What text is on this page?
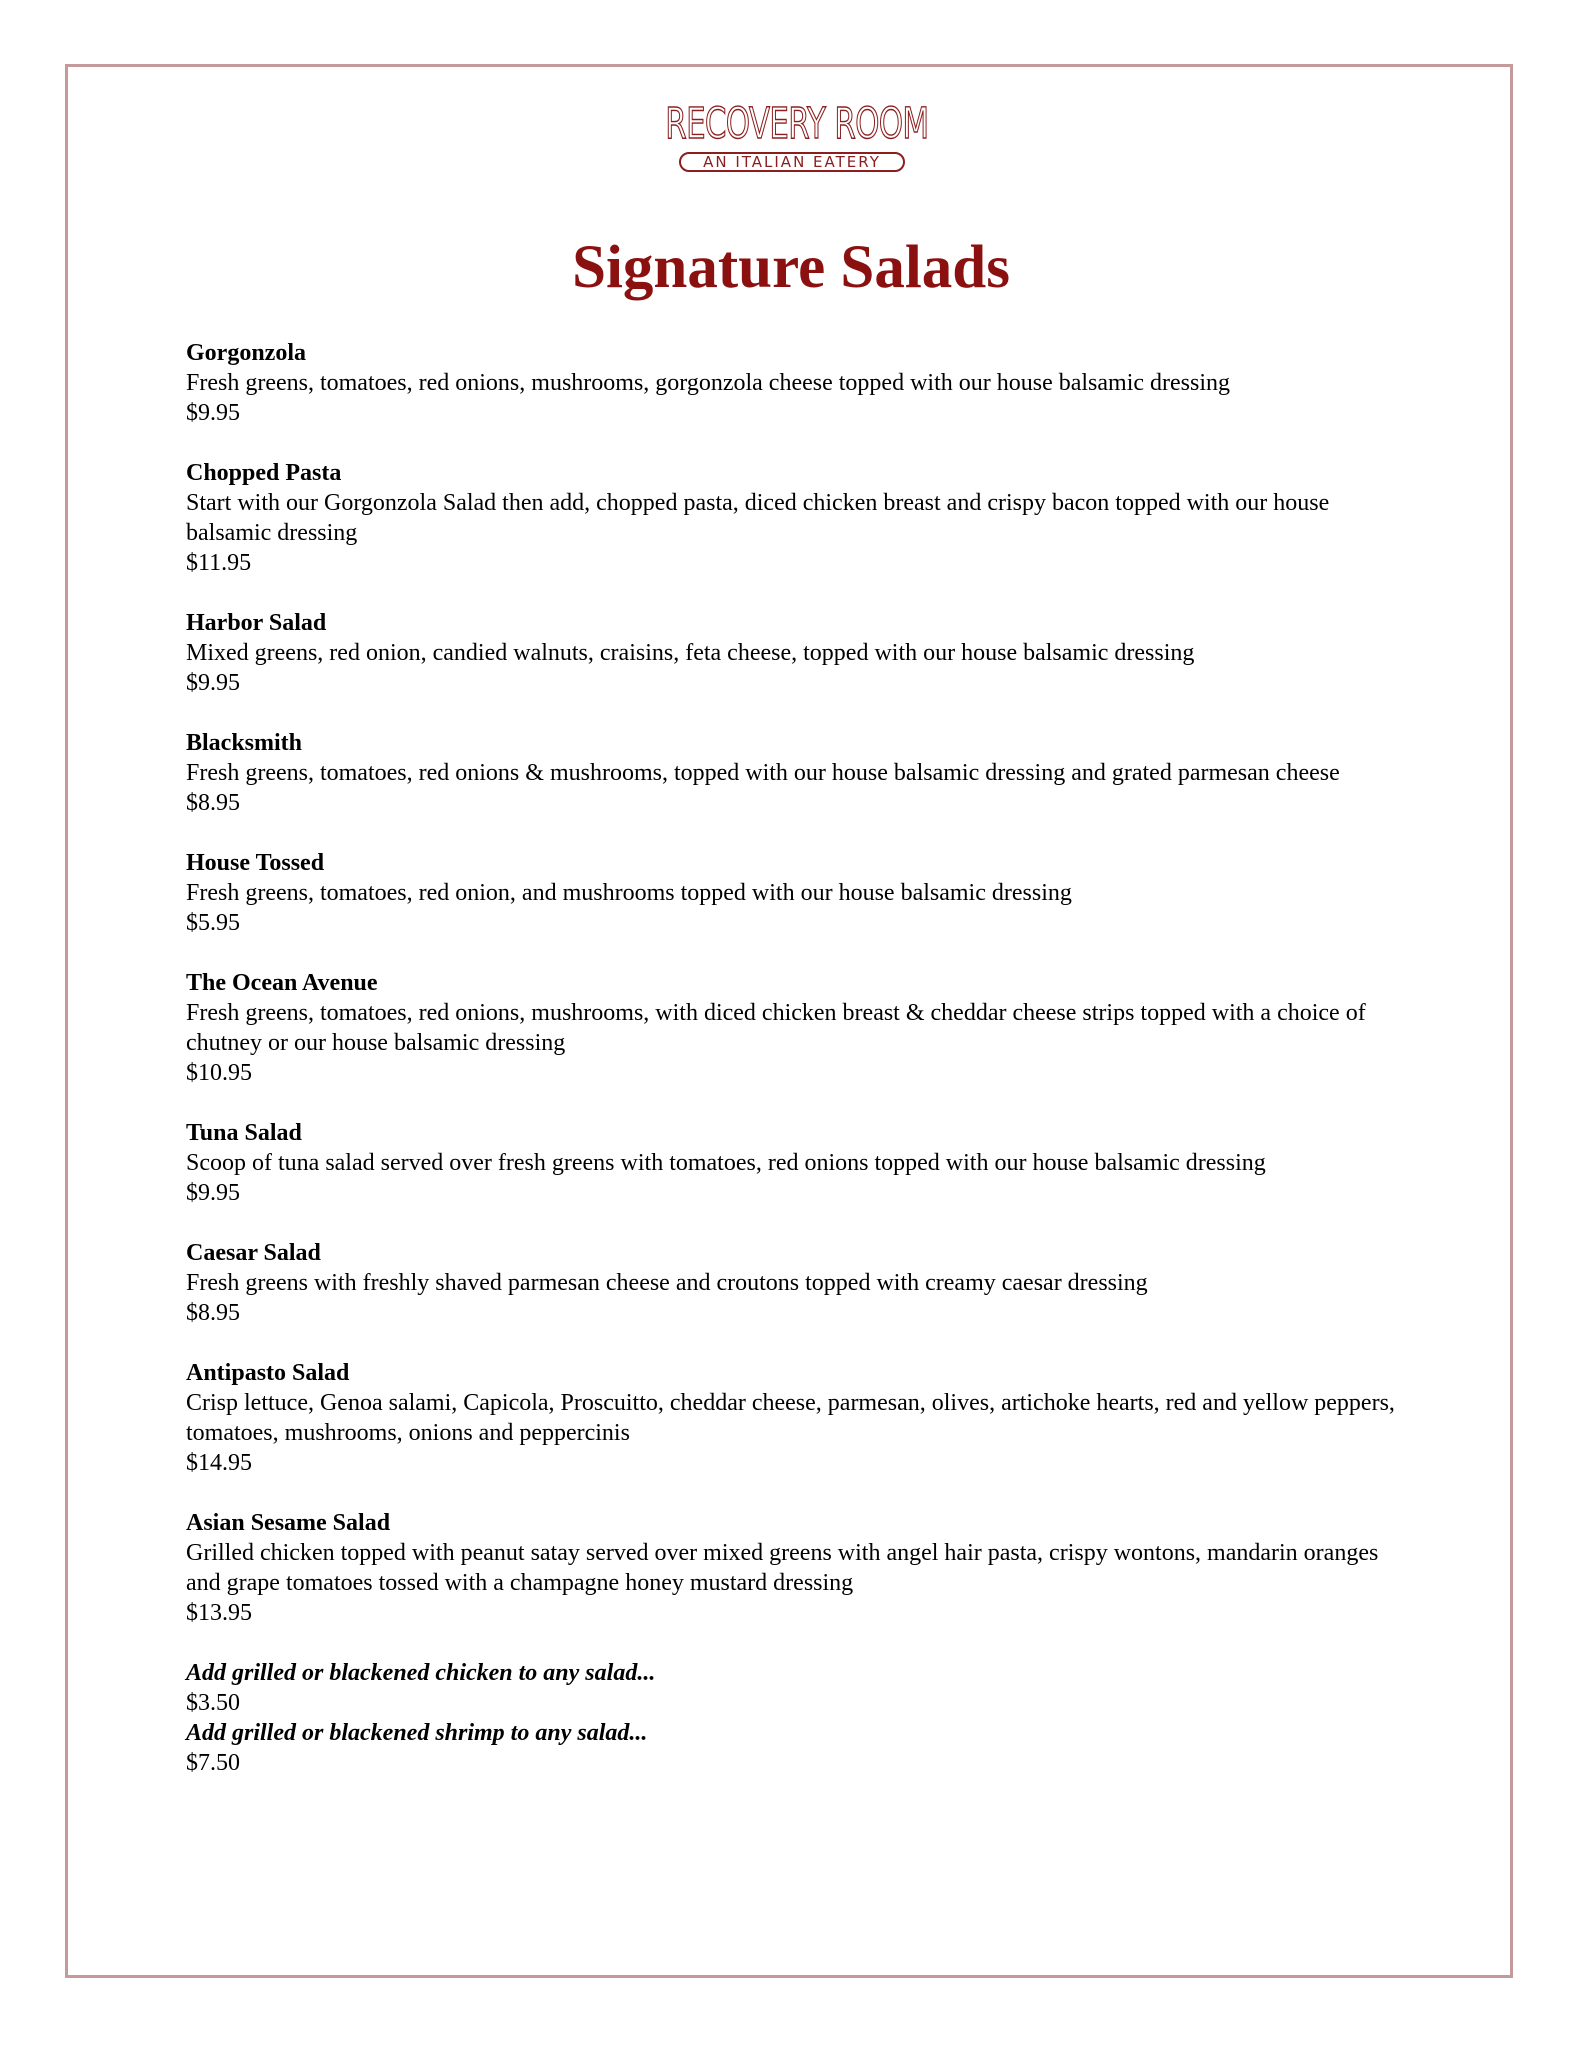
RECOVERY ROOM
AN ITALIAN EATERY
Signature Salads
Gorgonzola
Fresh greens, tomatoes, red onions, mushrooms, gorgonzola cheese topped with our house balsamic dressing
$9.95
Chopped Pasta
Start with our Gorgonzola Salad then add, chopped pasta, diced chicken breast and crispy bacon topped with our house balsamic dressing
$11.95
Harbor Salad
Mixed greens, red onion, candied walnuts, craisins, feta cheese, topped with our house balsamic dressing
$9.95
Blacksmith
Fresh greens, tomatoes, red onions & mushrooms, topped with our house balsamic dressing and grated parmesan cheese
$8.95
House Tossed
Fresh greens, tomatoes, red onion, and mushrooms topped with our house balsamic dressing
$5.95
The Ocean Avenue
Fresh greens, tomatoes, red onions, mushrooms, with diced chicken breast & cheddar cheese strips topped with a choice of chutney or our house balsamic dressing
$10.95
Tuna Salad
Scoop of tuna salad served over fresh greens with tomatoes, red onions topped with our house balsamic dressing
$9.95
Caesar Salad
Fresh greens with freshly shaved parmesan cheese and croutons topped with creamy caesar dressing
$8.95
Antipasto Salad
Crisp lettuce, Genoa salami, Capicola, Proscuitto, cheddar cheese, parmesan, olives, artichoke hearts, red and yellow peppers, tomatoes, mushrooms, onions and peppercinis
$14.95
Asian Sesame Salad
Grilled chicken topped with peanut satay served over mixed greens with angel hair pasta, crispy wontons, mandarin oranges and grape tomatoes tossed with a champagne honey mustard dressing
$13.95
Add grilled or blackened chicken to any salad...
$3.50
Add grilled or blackened shrimp to any salad...
$7.50
